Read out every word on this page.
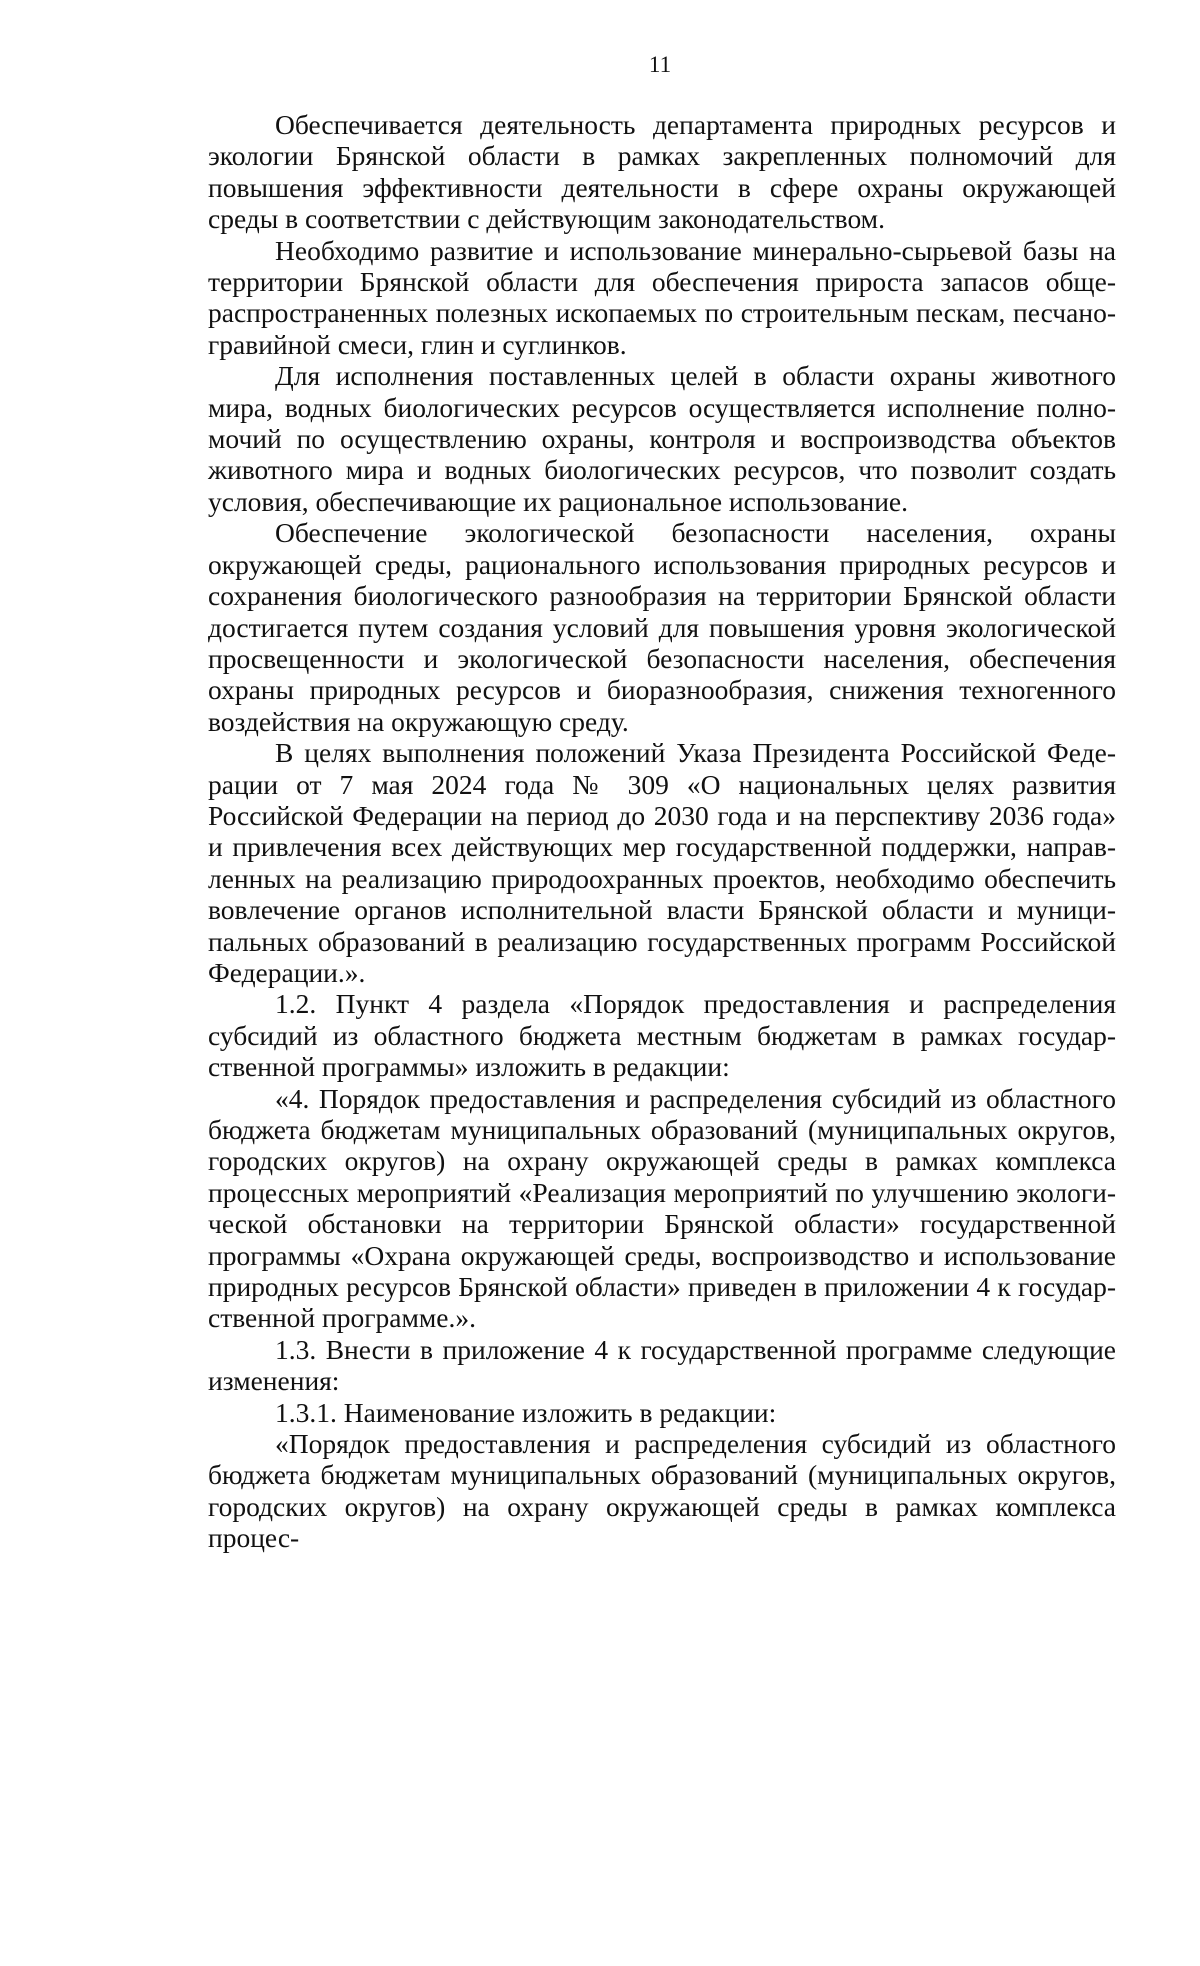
11

Обеспечивается деятельность департамента природных ресурсов и экологии Брянской области в рамках закрепленных полномочий для повышения эффективности деятельности в сфере охраны окружающей среды в соответствии с действующим законодательством.

Необходимо развитие и использование минерально-сырьевой базы на территории Брянской области для обеспечения прироста запасов общераспространенных полезных ископаемых по строительным пескам, песчаногравийной смеси, глин и суглинков.

Для исполнения поставленных целей в области охраны животного мира, водных биологических ресурсов осуществляется исполнение полномочий по осуществлению охраны, контроля и воспроизводства объектов животного мира и водных биологических ресурсов, что позволит создать условия, обеспечивающие их рациональное использование.

Обеспечение экологической безопасности населения, охраны окружающей среды, рационального использования природных ресурсов и сохранения биологического разнообразия на территории Брянской области достигается путем создания условий для повышения уровня экологической просвещенности и экологической безопасности населения, обеспечения охраны природных ресурсов и биоразнообразия, снижения техногенного воздействия на окружающую среду.

В целях выполнения положений Указа Президента Российской Федерации от 7 мая 2024 года № 309 «О национальных целях развития Российской Федерации на период до 2030 года и на перспективу 2036 года» и привлечения всех действующих мер государственной поддержки, направленных на реализацию природоохранных проектов, необходимо обеспечить вовлечение органов исполнительной власти Брянской области и муниципальных образований в реализацию государственных программ Российской Федерации.».

1.2. Пункт 4 раздела «Порядок предоставления и распределения субсидий из областного бюджета местным бюджетам в рамках государственной программы» изложить в редакции:

«4. Порядок предоставления и распределения субсидий из областного бюджета бюджетам муниципальных образований (муниципальных округов, городских округов) на охрану окружающей среды в рамках комплекса процессных мероприятий «Реализация мероприятий по улучшению экологической обстановки на территории Брянской области» государственной программы «Охрана окружающей среды, воспроизводство и использование природных ресурсов Брянской области» приведен в приложении 4 к государственной программе.».

1.3. Внести в приложение 4 к государственной программе следующие изменения:

1.3.1. Наименование изложить в редакции:

«Порядок предоставления и распределения субсидий из областного бюджета бюджетам муниципальных образований (муниципальных округов, городских округов) на охрану окружающей среды в рамках комплекса процес-
